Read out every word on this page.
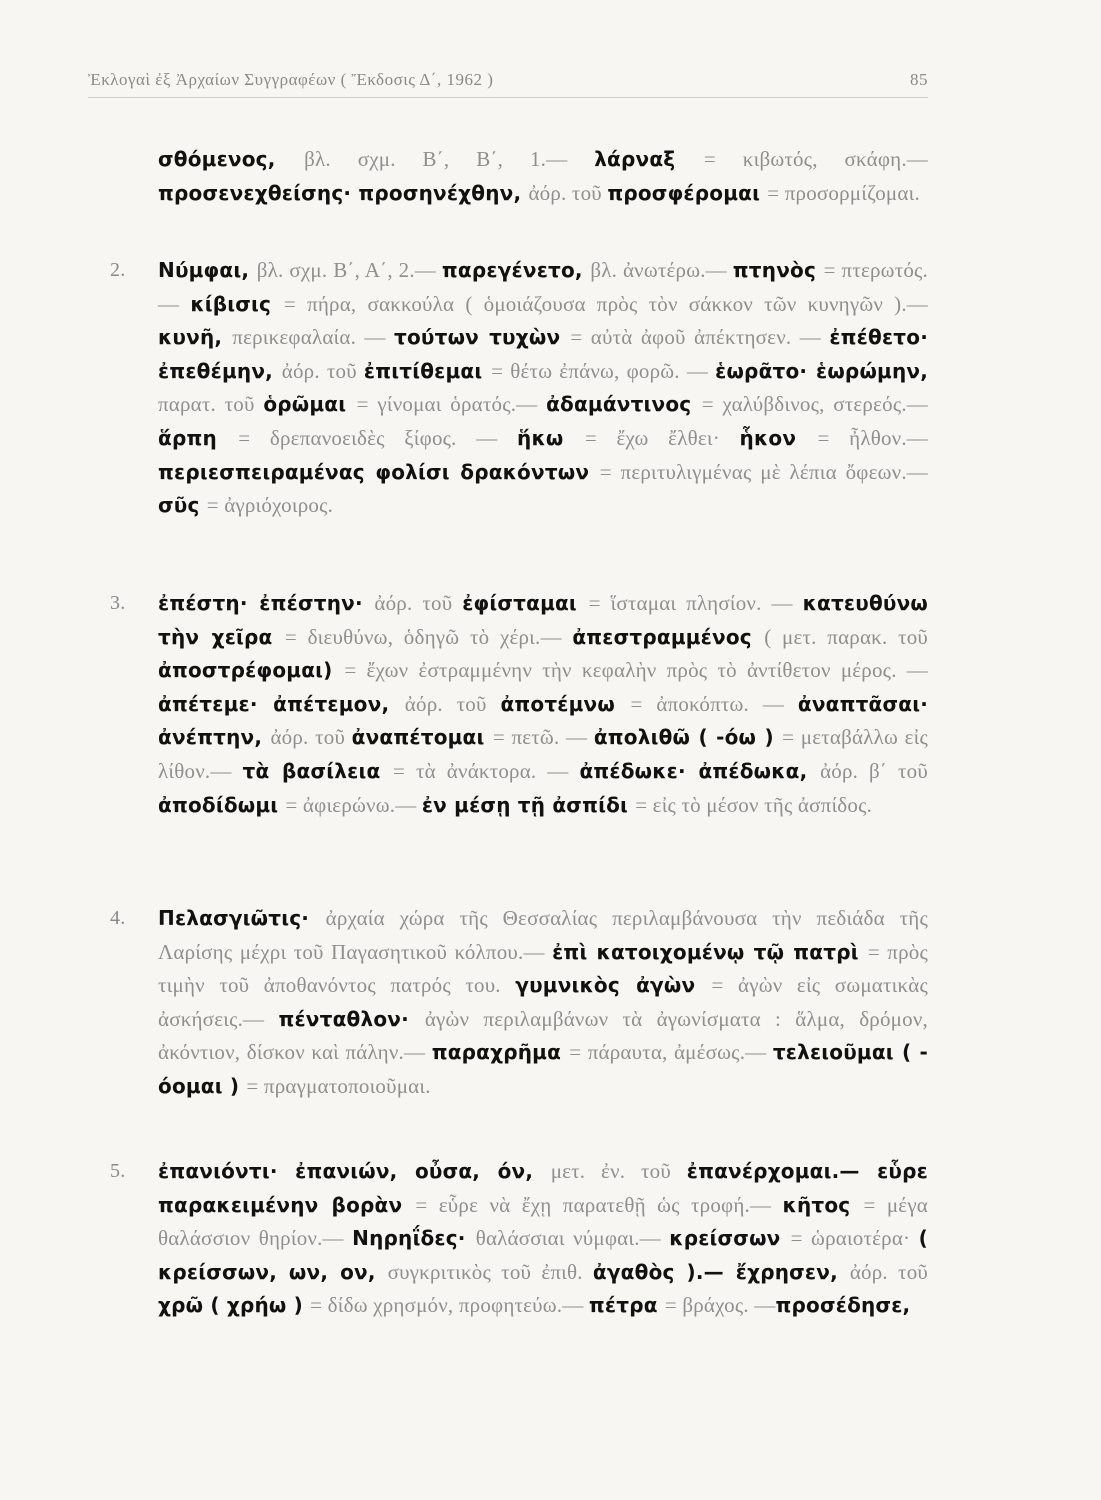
Ἐκλογαὶ ἐξ Ἀρχαίων Συγγραφέων ( Ἔκδοσις Δ΄, 1962 )	85
σθόμενος, βλ. σχμ. Β΄, Β΄, 1.— λάρναξ = κιβωτός, σκάφη.— προσενεχθείσης· προσηνέχθην, ἀόρ. τοῦ προσφέρομαι = προσορμίζομαι.
2. Νύμφαι, βλ. σχμ. Β΄, Α΄, 2.— παρεγένετο, βλ. ἀνωτέρω.— πτηνὸς = πτερωτός.— κίβισις = πήρα, σακκούλα ( ὁμοιάζουσα πρὸς τὸν σάκκον τῶν κυνηγῶν ).— κυνῆ, περικεφαλαία. — τούτων τυχὼν = αὐτὰ ἀφοῦ ἀπέκτησεν. — ἐπέθετο· ἐπεθέμην, ἀόρ. τοῦ ἐπιτίθεμαι = θέτω ἐπάνω, φορῶ. — ἑωρᾶτο· ἑωρώμην, παρατ. τοῦ ὁρῶμαι = γίνομαι ὁρατός.— ἀδαμάντινος = χαλύβδινος, στερεός.— ἅρπη = δρεπανοειδὲς ξίφος. — ἥκω = ἔχω ἔλθει· ἧκον = ἦλθον.— περιεσπειραμένας φολίσι δρακόντων = περιτυλιγμένας μὲ λέπια ὄφεων.— σῦς = ἀγριόχοιρος.
3. ἐπέστη· ἐπέστην· ἀόρ. τοῦ ἐφίσταμαι = ἵσταμαι πλησίον. — κατευθύνω τὴν χεῖρα = διευθύνω, ὁδηγῶ τὸ χέρι.— ἀπεστραμμένος ( μετ. παρακ. τοῦ ἀποστρέφομαι) = ἔχων ἐστραμμένην τὴν κεφαλὴν πρὸς τὸ ἀντίθετον μέρος. — ἀπέτεμε· ἀπέτεμον, ἀόρ. τοῦ ἀποτέμνω = ἀποκόπτω. — ἀναπτᾶσαι· ἀνέπτην, ἀόρ. τοῦ ἀναπέτομαι = πετῶ. — ἀπολιθῶ ( -όω ) = μεταβάλλω εἰς λίθον.— τὰ βασίλεια = τὰ ἀνάκτορα. — ἀπέδωκε· ἀπέδωκα, ἀόρ. β΄ τοῦ ἀποδίδωμι = ἀφιερώνω.— ἐν μέσῃ τῇ ἀσπίδι = εἰς τὸ μέσον τῆς ἀσπίδος.
4. Πελασγιῶτις· ἀρχαία χώρα τῆς Θεσσαλίας περιλαμβάνουσα τὴν πεδιάδα τῆς Λαρίσης μέχρι τοῦ Παγασητικοῦ κόλπου.— ἐπὶ κατοιχομένῳ τῷ πατρὶ = πρὸς τιμὴν τοῦ ἀποθανόντος πατρός του. γυμνικὸς ἀγὼν = ἀγὼν εἰς σωματικὰς ἀσκήσεις.— πένταθλον· ἀγὼν περιλαμβάνων τὰ ἀγωνίσματα : ἅλμα, δρόμον, ἀκόντιον, δίσκον καὶ πάλην.— παραχρῆμα = πάραυτα, ἀμέσως.— τελειοῦμαι ( -όομαι ) = πραγματοποιοῦμαι.
5. ἐπανιόντι· ἐπανιών, οὖσα, όν, μετ. ἐν. τοῦ ἐπανέρχομαι.— εὗρε παρακειμένην βορὰν = εὗρε νὰ ἔχῃ παρατεθῇ ὡς τροφή.— κῆτος = μέγα θαλάσσιον θηρίον.— Νηρηΐδες· θαλάσσιαι νύμφαι.— κρείσσων = ὡραιοτέρα· ( κρείσσων, ων, ον, συγκριτικὸς τοῦ ἐπιθ. ἀγαθὸς ).— ἔχρησεν, ἀόρ. τοῦ χρῶ ( χρήω ) = δίδω χρησμόν, προφητεύω.— πέτρα = βράχος. —προσέδησε,
